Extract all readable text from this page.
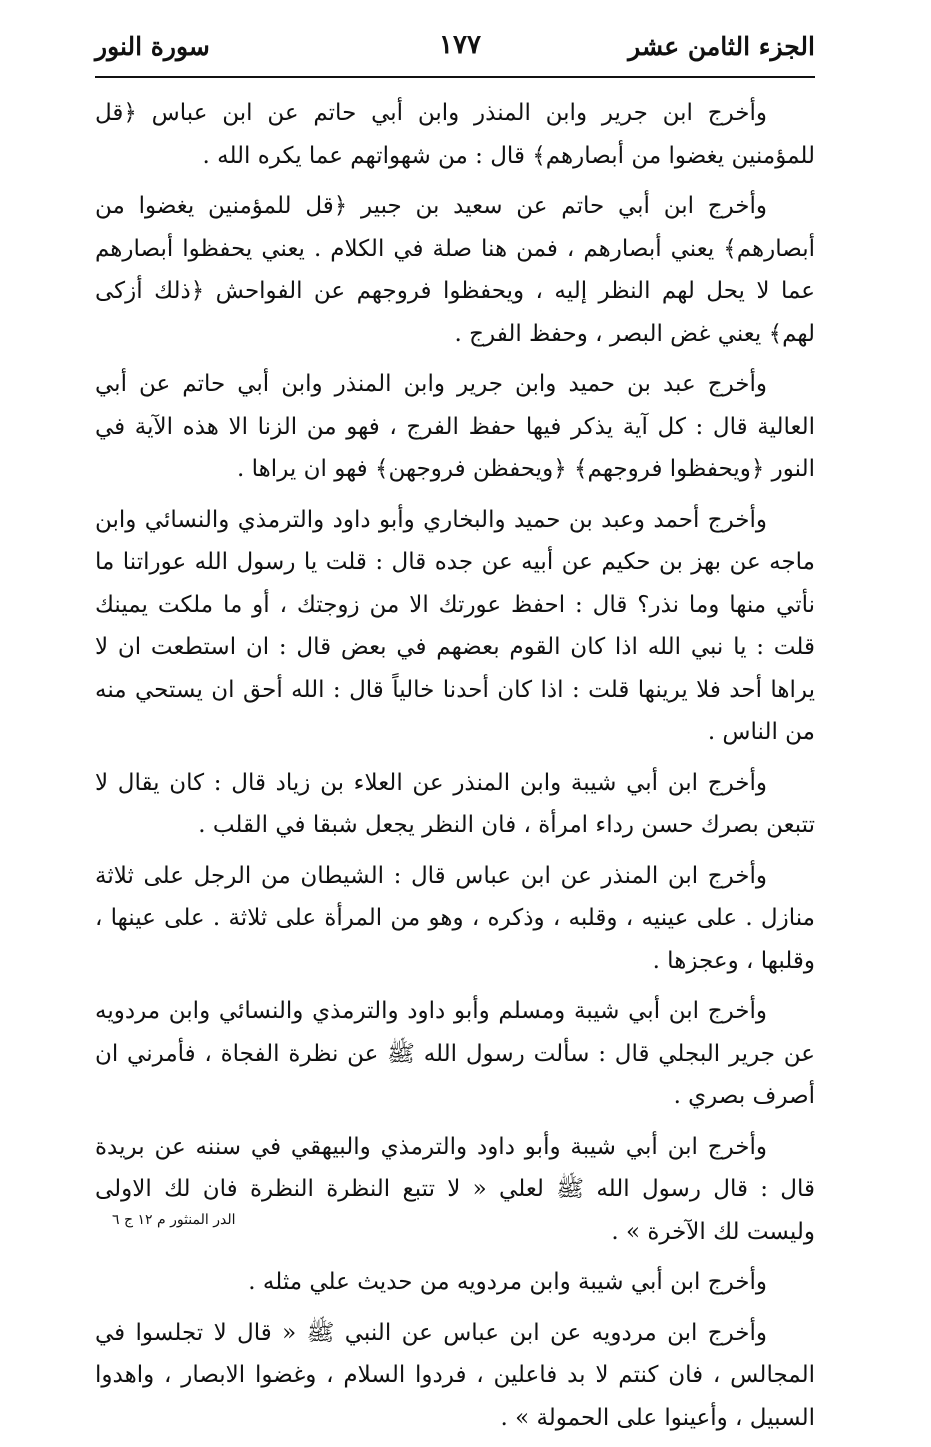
الجزء الثامن عشر
١٧٧
سورة النور

وأخرج ابن جرير وابن المنذر وابن أبي حاتم عن ابن عباس ﴿قل للمؤمنين يغضوا من أبصارهم﴾ قال : من شهواتهم عما يكره الله .

وأخرج ابن أبي حاتم عن سعيد بن جبير ﴿قل للمؤمنين يغضوا من أبصارهم﴾ يعني أبصارهم ، فمن هنا صلة في الكلام . يعني يحفظوا أبصارهم عما لا يحل لهم النظر إليه ، ويحفظوا فروجهم عن الفواحش ﴿ذلك أزكى لهم﴾ يعني غض البصر ، وحفظ الفرج .

وأخرج عبد بن حميد وابن جرير وابن المنذر وابن أبي حاتم عن أبي العالية قال : كل آية يذكر فيها حفظ الفرج ، فهو من الزنا الا هذه الآية في النور ﴿ويحفظوا فروجهم﴾ ﴿ويحفظن فروجهن﴾ فهو ان يراها .

وأخرج أحمد وعبد بن حميد والبخاري وأبو داود والترمذي والنسائي وابن ماجه عن بهز بن حكيم عن أبيه عن جده قال : قلت يا رسول الله عوراتنا ما نأتي منها وما نذر؟ قال : احفظ عورتك الا من زوجتك ، أو ما ملكت يمينك قلت : يا نبي الله اذا كان القوم بعضهم في بعض قال : ان استطعت ان لا يراها أحد فلا يرينها قلت : اذا كان أحدنا خالياً قال : الله أحق ان يستحي منه من الناس .

وأخرج ابن أبي شيبة وابن المنذر عن العلاء بن زياد قال : كان يقال لا تتبعن بصرك حسن رداء امرأة ، فان النظر يجعل شبقا في القلب .

وأخرج ابن المنذر عن ابن عباس قال : الشيطان من الرجل على ثلاثة منازل . على عينيه ، وقلبه ، وذكره ، وهو من المرأة على ثلاثة . على عينها ، وقلبها ، وعجزها .

وأخرج ابن أبي شيبة ومسلم وأبو داود والترمذي والنسائي وابن مردويه عن جرير البجلي قال : سألت رسول الله ﷺ عن نظرة الفجاة ، فأمرني ان أصرف بصري .

وأخرج ابن أبي شيبة وأبو داود والترمذي والبيهقي في سننه عن بريدة قال : قال رسول الله ﷺ لعلي « لا تتبع النظرة النظرة فان لك الاولى وليست لك الآخرة » .

وأخرج ابن أبي شيبة وابن مردويه من حديث علي مثله .

وأخرج ابن مردويه عن ابن عباس عن النبي ﷺ « قال لا تجلسوا في المجالس ، فان كنتم لا بد فاعلين ، فردوا السلام ، وغضوا الابصار ، واهدوا السبيل ، وأعينوا على الحمولة » .

الدر المنثور م ١٢ ج ٦
